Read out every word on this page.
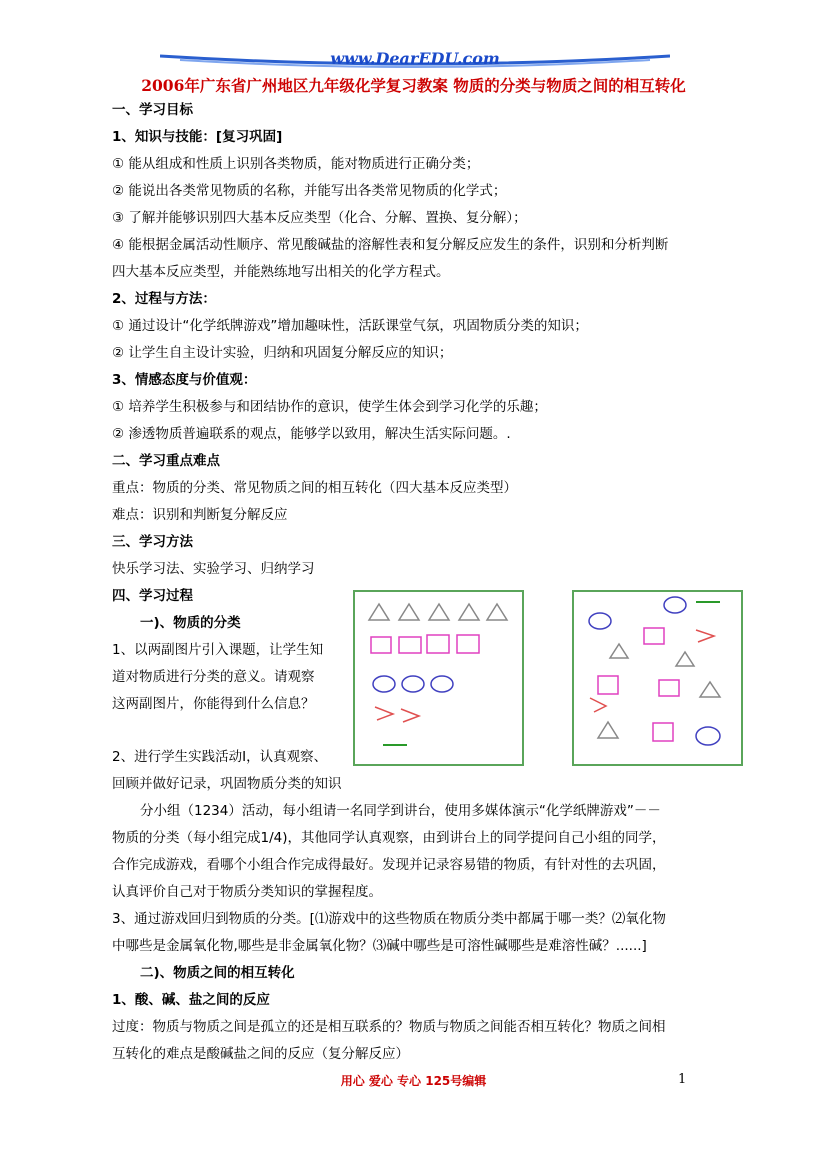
www.DearEDU.com
2006年广东省广州地区九年级化学复习教案 物质的分类与物质之间的相互转化
一、学习目标
1、知识与技能：[复习巩固]
① 能从组成和性质上识别各类物质，能对物质进行正确分类；
② 能说出各类常见物质的名称，并能写出各类常见物质的化学式；
③ 了解并能够识别四大基本反应类型（化合、分解、置换、复分解）；
④ 能根据金属活动性顺序、常见酸碱盐的溶解性表和复分解反应发生的条件，识别和分析判断
四大基本反应类型，并能熟练地写出相关的化学方程式。
2、过程与方法：
① 通过设计“化学纸牌游戏”增加趣味性，活跃课堂气氛，巩固物质分类的知识；
② 让学生自主设计实验，归纳和巩固复分解反应的知识；
3、情感态度与价值观：
① 培养学生积极参与和团结协作的意识，使学生体会到学习化学的乐趣；
② 渗透物质普遍联系的观点，能够学以致用，解决生活实际问题。.
二、学习重点难点
重点：物质的分类、常见物质之间的相互转化（四大基本反应类型）
难点：识别和判断复分解反应
三、学习方法
快乐学习法、实验学习、归纳学习
四、学习过程
一)、物质的分类
1、以两副图片引入课题，让学生知
道对物质进行分类的意义。请观察
这两副图片，你能得到什么信息？
2、进行学生实践活动Ⅰ，认真观察、
回顾并做好记录，巩固物质分类的知识
分小组（1234）活动，每小组请一名同学到讲台，使用多媒体演示“化学纸牌游戏”－－
物质的分类（每小组完成1/4)，其他同学认真观察，由到讲台上的同学提问自己小组的同学，
合作完成游戏，看哪个小组合作完成得最好。发现并记录容易错的物质，有针对性的去巩固，
认真评价自己对于物质分类知识的掌握程度。
3、通过游戏回归到物质的分类。[⑴游戏中的这些物质在物质分类中都属于哪一类？⑵氧化物
中哪些是金属氧化物,哪些是非金属氧化物？⑶碱中哪些是可溶性碱哪些是难溶性碱？......]
二)、物质之间的相互转化
1、酸、碱、盐之间的反应
过度：物质与物质之间是孤立的还是相互联系的？物质与物质之间能否相互转化？物质之间相
互转化的难点是酸碱盐之间的反应（复分解反应）
用心 爱心 专心 125号编辑	1
